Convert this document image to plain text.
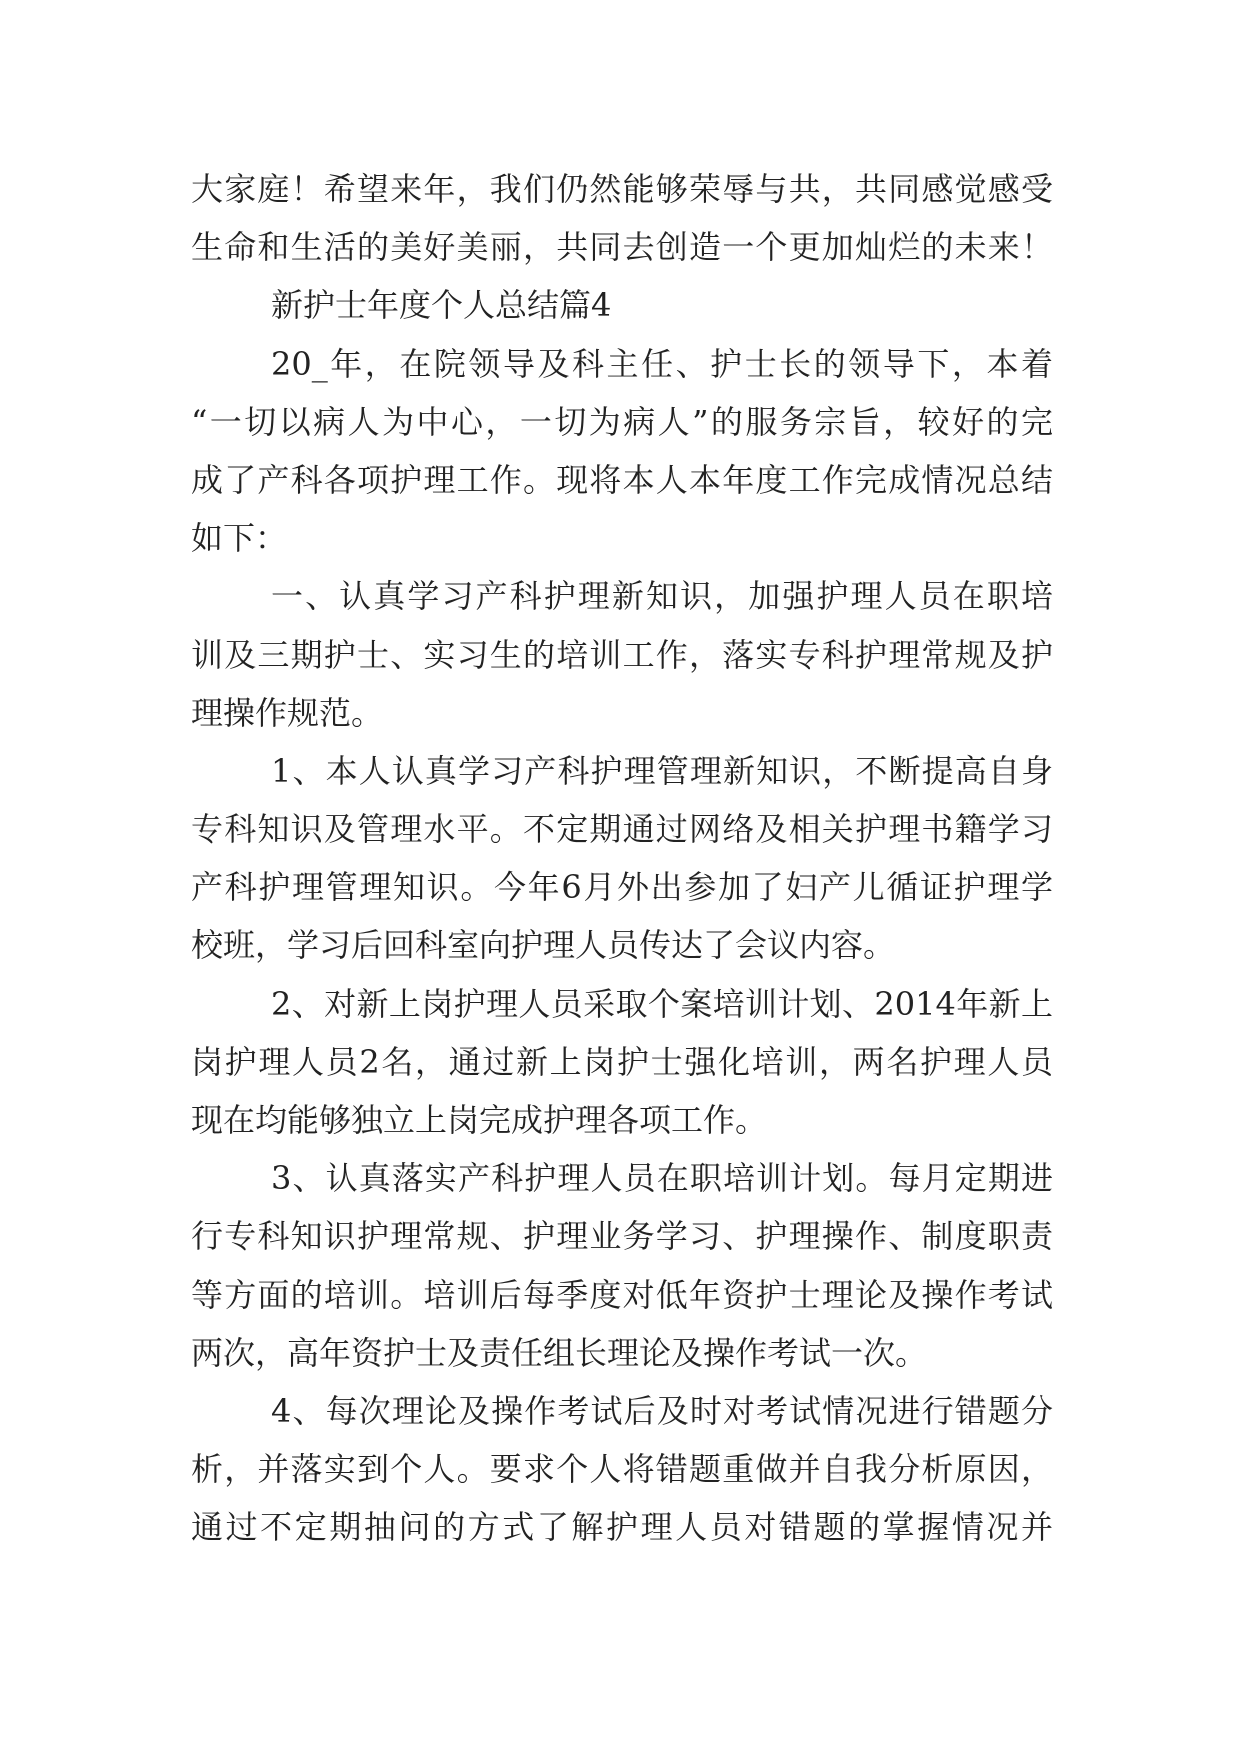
大家庭！希望来年，我们仍然能够荣辱与共，共同感觉感受
生命和生活的美好美丽，共同去创造一个更加灿烂的未来！
新护士年度个人总结篇4
20_年，在院领导及科主任、护士长的领导下，本着
“一切以病人为中心，一切为病人”的服务宗旨，较好的完
成了产科各项护理工作。现将本人本年度工作完成情况总结
如下：
一、认真学习产科护理新知识，加强护理人员在职培
训及三期护士、实习生的培训工作，落实专科护理常规及护
理操作规范。
1、本人认真学习产科护理管理新知识，不断提高自身
专科知识及管理水平。不定期通过网络及相关护理书籍学习
产科护理管理知识。今年6月外出参加了妇产儿循证护理学
校班，学习后回科室向护理人员传达了会议内容。
2、对新上岗护理人员采取个案培训计划、2014年新上
岗护理人员2名，通过新上岗护士强化培训，两名护理人员
现在均能够独立上岗完成护理各项工作。
3、认真落实产科护理人员在职培训计划。每月定期进
行专科知识护理常规、护理业务学习、护理操作、制度职责
等方面的培训。培训后每季度对低年资护士理论及操作考试
两次，高年资护士及责任组长理论及操作考试一次。
4、每次理论及操作考试后及时对考试情况进行错题分
析，并落实到个人。要求个人将错题重做并自我分析原因，
通过不定期抽问的方式了解护理人员对错题的掌握情况并
